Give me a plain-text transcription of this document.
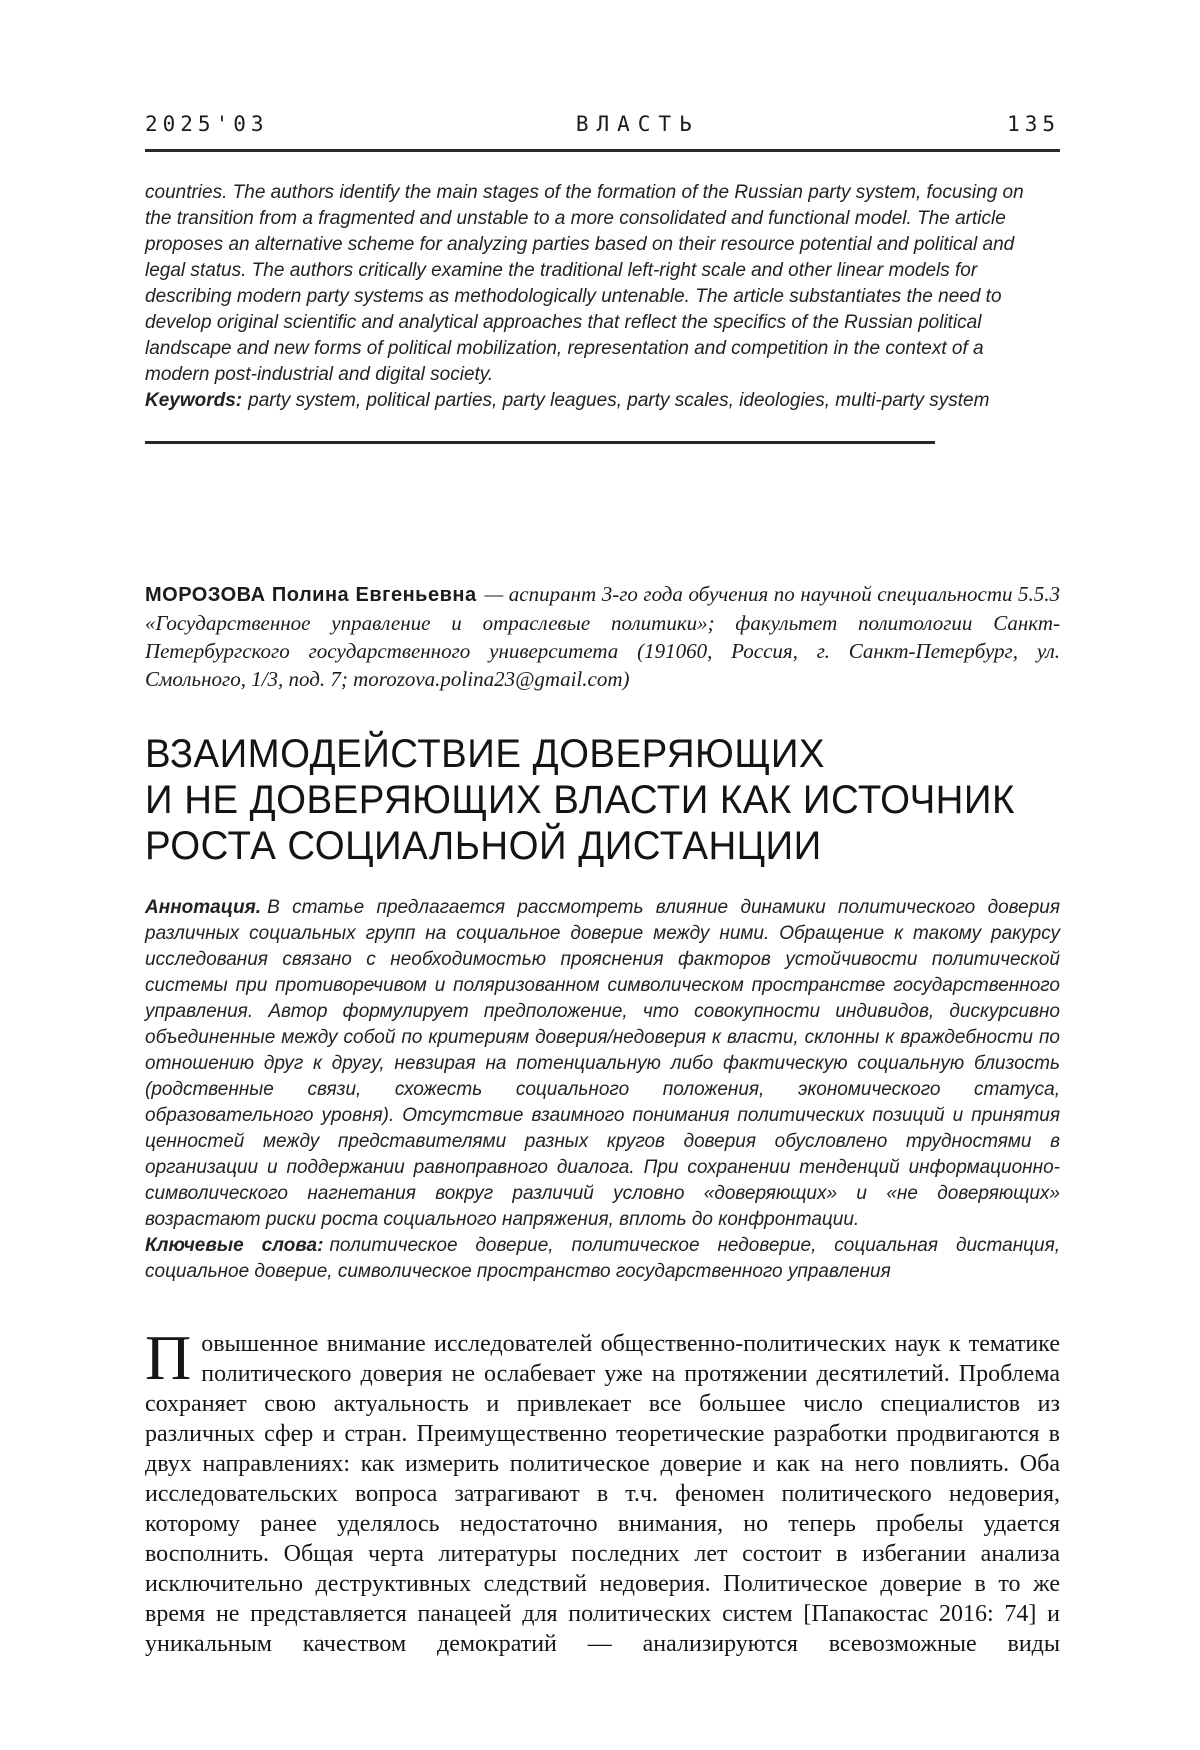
2025'03	ВЛАСТЬ	135

countries. The authors identify the main stages of the formation of the Russian party system, focusing on the transition from a fragmented and unstable to a more consolidated and functional model. The article proposes an alternative scheme for analyzing parties based on their resource potential and political and legal status. The authors critically examine the traditional left-right scale and other linear models for describing modern party systems as methodologically untenable. The article substantiates the need to develop original scientific and analytical approaches that reflect the specifics of the Russian political landscape and new forms of political mobilization, representation and competition in the context of a modern post-industrial and digital society.

Keywords: party system, political parties, party leagues, party scales, ideologies, multi-party system

МОРОЗОВА Полина Евгеньевна — аспирант 3-го года обучения по научной специальности 5.5.3 «Государственное управление и отраслевые политики»; факультет политологии Санкт-Петербургского государственного университета (191060, Россия, г. Санкт-Петербург, ул. Смольного, 1/3, под. 7; morozova.polina23@gmail.com)

ВЗАИМОДЕЙСТВИЕ ДОВЕРЯЮЩИХ
И НЕ ДОВЕРЯЮЩИХ ВЛАСТИ КАК ИСТОЧНИК
РОСТА СОЦИАЛЬНОЙ ДИСТАНЦИИ

Аннотация. В статье предлагается рассмотреть влияние динамики политического доверия различных социальных групп на социальное доверие между ними. Обращение к такому ракурсу исследования связано с необходимостью прояснения факторов устойчивости политической системы при противоречивом и поляризованном символическом пространстве государственного управления. Автор формулирует предположение, что совокупности индивидов, дискурсивно объединенные между собой по критериям доверия/недоверия к власти, склонны к враждебности по отношению друг к другу, невзирая на потенциальную либо фактическую социальную близость (родственные связи, схожесть социального положения, экономического статуса, образовательного уровня). Отсутствие взаимного понимания политических позиций и принятия ценностей между представителями разных кругов доверия обусловлено трудностями в организации и поддержании равноправного диалога. При сохранении тенденций информационно-символического нагнетания вокруг различий условно «доверяющих» и «не доверяющих» возрастают риски роста социального напряжения, вплоть до конфронтации.

Ключевые слова: политическое доверие, политическое недоверие, социальная дистанция, социальное доверие, символическое пространство государственного управления

Повышенное внимание исследователей общественно-политических наук к тематике политического доверия не ослабевает уже на протяжении десятилетий. Проблема сохраняет свою актуальность и привлекает все большее число специалистов из различных сфер и стран. Преимущественно теоретические разработки продвигаются в двух направлениях: как измерить политическое доверие и как на него повлиять. Оба исследовательских вопроса затрагивают в т.ч. феномен политического недоверия, которому ранее уделялось недостаточно внимания, но теперь пробелы удается восполнить. Общая черта литературы последних лет состоит в избегании анализа исключительно деструктивных следствий недоверия. Политическое доверие в то же время не представляется панацеей для политических систем [Папакостас 2016: 74] и уникальным качеством демократий — анализируются всевозможные виды
